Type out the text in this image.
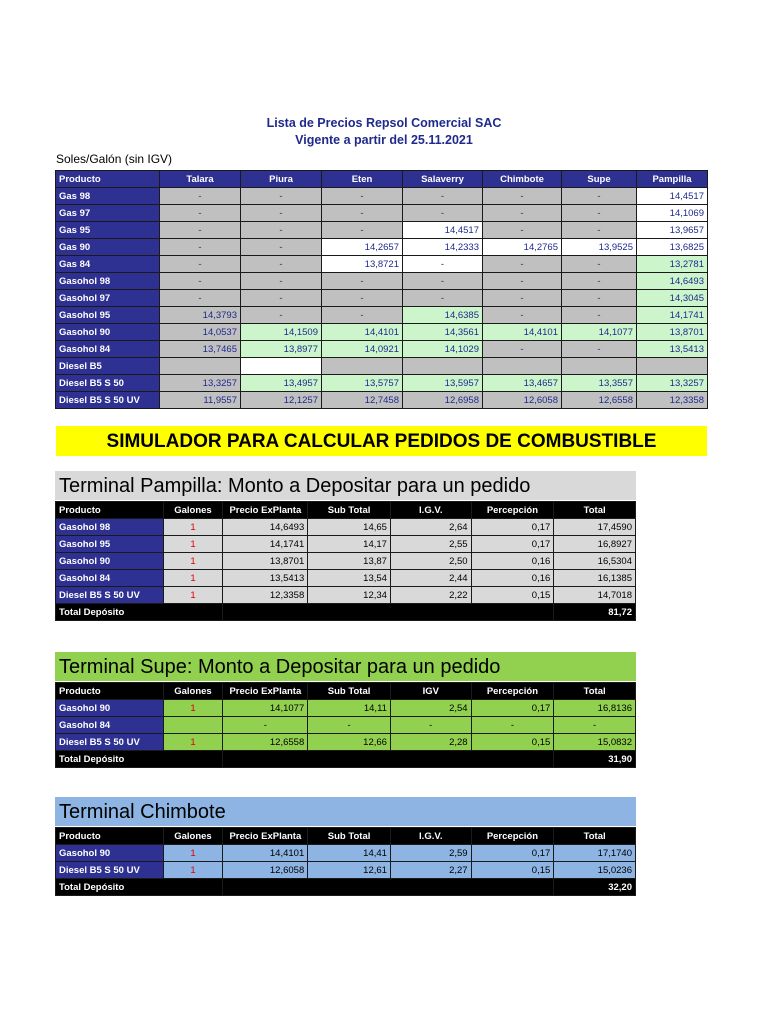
Lista de Precios Repsol Comercial SAC
Vigente a partir del 25.11.2021
Soles/Galón (sin IGV)
Producto	Talara	Piura	Eten	Salaverry	Chimbote	Supe	Pampilla
Gas 98	-	-	-	-	-	-	14,4517
Gas 97	-	-	-	-	-	-	14,1069
Gas 95	-	-	-	14,4517	-	-	13,9657
Gas 90	-	-	14,2657	14,2333	14,2765	13,9525	13,6825
Gas 84	-	-	13,8721	-	-	-	13,2781
Gasohol 98	-	-	-	-	-	-	14,6493
Gasohol 97	-	-	-	-	-	-	14,3045
Gasohol 95	14,3793	-	-	14,6385	-	-	14,1741
Gasohol 90	14,0537	14,1509	14,4101	14,3561	14,4101	14,1077	13,8701
Gasohol 84	13,7465	13,8977	14,0921	14,1029	-	-	13,5413
Diesel B5							
Diesel B5 S 50	13,3257	13,4957	13,5757	13,5957	13,4657	13,3557	13,3257
Diesel B5 S 50 UV	11,9557	12,1257	12,7458	12,6958	12,6058	12,6558	12,3358
SIMULADOR PARA CALCULAR PEDIDOS DE COMBUSTIBLE
Terminal Pampilla: Monto a Depositar para un pedido
Producto	Galones	Precio ExPlanta	Sub Total	I.G.V.	Percepción	Total
Gasohol 98	1	14,6493	14,65	2,64	0,17	17,4590
Gasohol 95	1	14,1741	14,17	2,55	0,17	16,8927
Gasohol 90	1	13,8701	13,87	2,50	0,16	16,5304
Gasohol 84	1	13,5413	13,54	2,44	0,16	16,1385
Diesel B5 S 50 UV	1	12,3358	12,34	2,22	0,15	14,7018
Total Depósito						81,72
Terminal Supe: Monto a Depositar para un pedido
Producto	Galones	Precio ExPlanta	Sub Total	IGV	Percepción	Total
Gasohol 90	1	14,1077	14,11	2,54	0,17	16,8136
Gasohol 84		-	-	-	-	-
Diesel B5 S 50 UV	1	12,6558	12,66	2,28	0,15	15,0832
Total Depósito						31,90
Terminal Chimbote
Producto	Galones	Precio ExPlanta	Sub Total	I.G.V.	Percepción	Total
Gasohol 90	1	14,4101	14,41	2,59	0,17	17,1740
Diesel B5 S 50 UV	1	12,6058	12,61	2,27	0,15	15,0236
Total Depósito						32,20
